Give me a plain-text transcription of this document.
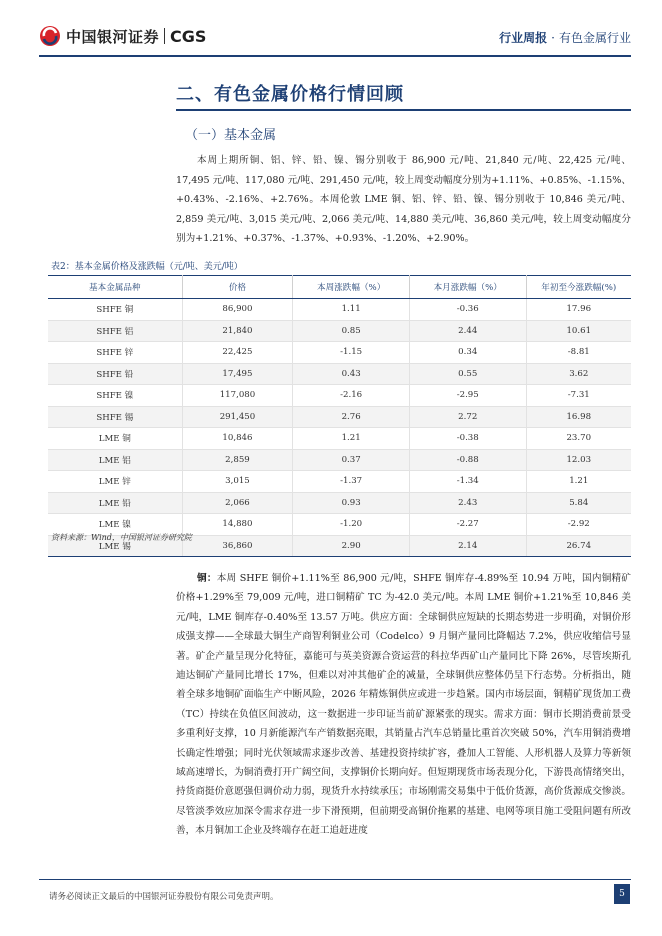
中国银河证券 CGS	行业周报 · 有色金属行业
二、有色金属价格行情回顾
（一）基本金属

本周上期所铜、铝、锌、铅、镍、锡分别收于 86,900 元/吨、21,840 元/吨、22,425 元/吨、17,495 元/吨、117,080 元/吨、291,450 元/吨，较上周变动幅度分别为+1.11%、+0.85%、-1.15%、+0.43%、-2.16%、+2.76%。本周伦敦 LME 铜、铝、锌、铅、镍、锡分别收于 10,846 美元/吨、2,859 美元/吨、3,015 美元/吨、2,066 美元/吨、14,880 美元/吨、36,860 美元/吨，较上周变动幅度分别为+1.21%、+0.37%、-1.37%、+0.93%、-1.20%、+2.90%。

表2：基本金属价格及涨跌幅（元/吨、美元/吨）
基本金属品种	价格	本周涨跌幅（%）	本月涨跌幅（%）	年初至今涨跌幅(%)
SHFE 铜	86,900	1.11	-0.36	17.96
SHFE 铝	21,840	0.85	2.44	10.61
SHFE 锌	22,425	-1.15	0.34	-8.81
SHFE 铅	17,495	0.43	0.55	3.62
SHFE 镍	117,080	-2.16	-2.95	-7.31
SHFE 锡	291,450	2.76	2.72	16.98
LME 铜	10,846	1.21	-0.38	23.70
LME 铝	2,859	0.37	-0.88	12.03
LME 锌	3,015	-1.37	-1.34	1.21
LME 铅	2,066	0.93	2.43	5.84
LME 镍	14,880	-1.20	-2.27	-2.92
LME 锡	36,860	2.90	2.14	26.74
资料来源：Wind，中国银河证券研究院

铜：本周 SHFE 铜价+1.11%至 86,900 元/吨，SHFE 铜库存-4.89%至 10.94 万吨，国内铜精矿价格+1.29%至 79,009 元/吨，进口铜精矿 TC 为-42.0 美元/吨。本周 LME 铜价+1.21%至 10,846 美元/吨，LME 铜库存-0.40%至 13.57 万吨。供应方面：全球铜供应短缺的长期态势进一步明确，对铜价形成强支撑——全球最大铜生产商智利铜业公司（Codelco）9 月铜产量同比降幅达 7.2%，供应收缩信号显著。矿企产量呈现分化特征，嘉能可与英美资源合资运营的科拉华西矿山产量同比下降 26%，尽管埃斯孔迪达铜矿产量同比增长 17%，但难以对冲其他矿企的减量，全球铜供应整体仍呈下行态势。分析指出，随着全球多地铜矿面临生产中断风险，2026 年精炼铜供应或进一步趋紧。国内市场层面，铜精矿现货加工费（TC）持续在负值区间波动，这一数据进一步印证当前矿源紧张的现实。需求方面：铜市长期消费前景受多重利好支撑，10 月新能源汽车产销数据亮眼，其销量占汽车总销量比重首次突破 50%，汽车用铜消费增长确定性增强；同时光伏领域需求逐步改善、基建投资持续扩容，叠加人工智能、人形机器人及算力等新领域高速增长，为铜消费打开广阔空间，支撑铜价长期向好。但短期现货市场表现分化，下游畏高情绪突出，持货商挺价意愿强但调价动力弱，现货升水持续承压；市场刚需交易集中于低价货源，高价货源成交惨淡。尽管淡季效应加深令需求存进一步下滑预期，但前期受高铜价拖累的基建、电网等项目施工受阻问题有所改善，本月铜加工企业及终端存在赶工追赶进度

请务必阅读正文最后的中国银河证券股份有限公司免责声明。	5
